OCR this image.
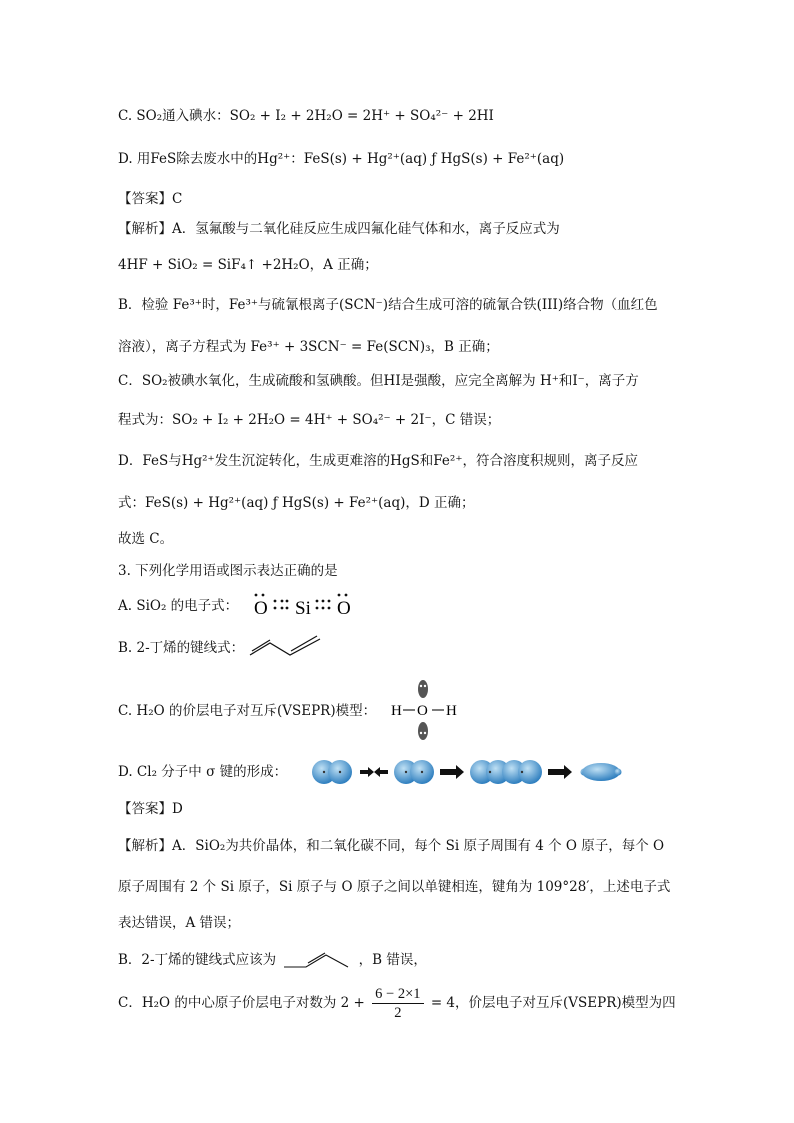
C. SO₂通入碘水：SO₂ + I₂ + 2H₂O = 2H⁺ + SO₄²⁻ + 2HI
D. 用FeS除去废水中的Hg²⁺：FeS(s) + Hg²⁺(aq) ƒ HgS(s) + Fe²⁺(aq)
【答案】C
【解析】A．氢氟酸与二氧化硅反应生成四氟化硅气体和水，离子反应式为
4HF + SiO₂ = SiF₄↑ +2H₂O，A 正确；
B．检验 Fe³⁺时，Fe³⁺与硫氰根离子(SCN⁻)结合生成可溶的硫氰合铁(III)络合物（血红色
溶液），离子方程式为 Fe³⁺ + 3SCN⁻ = Fe(SCN)₃，B 正确；
C．SO₂被碘水氧化，生成硫酸和氢碘酸。但HI是强酸，应完全离解为 H⁺和I⁻，离子方
程式为：SO₂ + I₂ + 2H₂O = 4H⁺ + SO₄²⁻ + 2I⁻，C 错误；
D．FeS与Hg²⁺发生沉淀转化，生成更难溶的HgS和Fe²⁺，符合溶度积规则，离子反应
式：FeS(s) + Hg²⁺(aq) ƒ HgS(s) + Fe²⁺(aq)，D 正确；
故选 C。
3. 下列化学用语或图示表达正确的是
A. SiO₂ 的电子式： O Si O
B. 2-丁烯的键线式：
C. H₂O 的价层电子对互斥(VSEPR)模型： H O H
D. Cl₂ 分子中 σ 键的形成：
【答案】D
【解析】A．SiO₂为共价晶体，和二氧化碳不同，每个 Si 原子周围有 4 个 O 原子，每个 O
原子周围有 2 个 Si 原子，Si 原子与 O 原子之间以单键相连，键角为 109°28′，上述电子式
表达错误，A 错误；
B．2-丁烯的键线式应该为	，B 错误，
C．H₂O 的中心原子价层电子对数为 $2 + \frac{6 - 2\times 1}{2} = 4$，价层电子对互斥(VSEPR)模型为四
